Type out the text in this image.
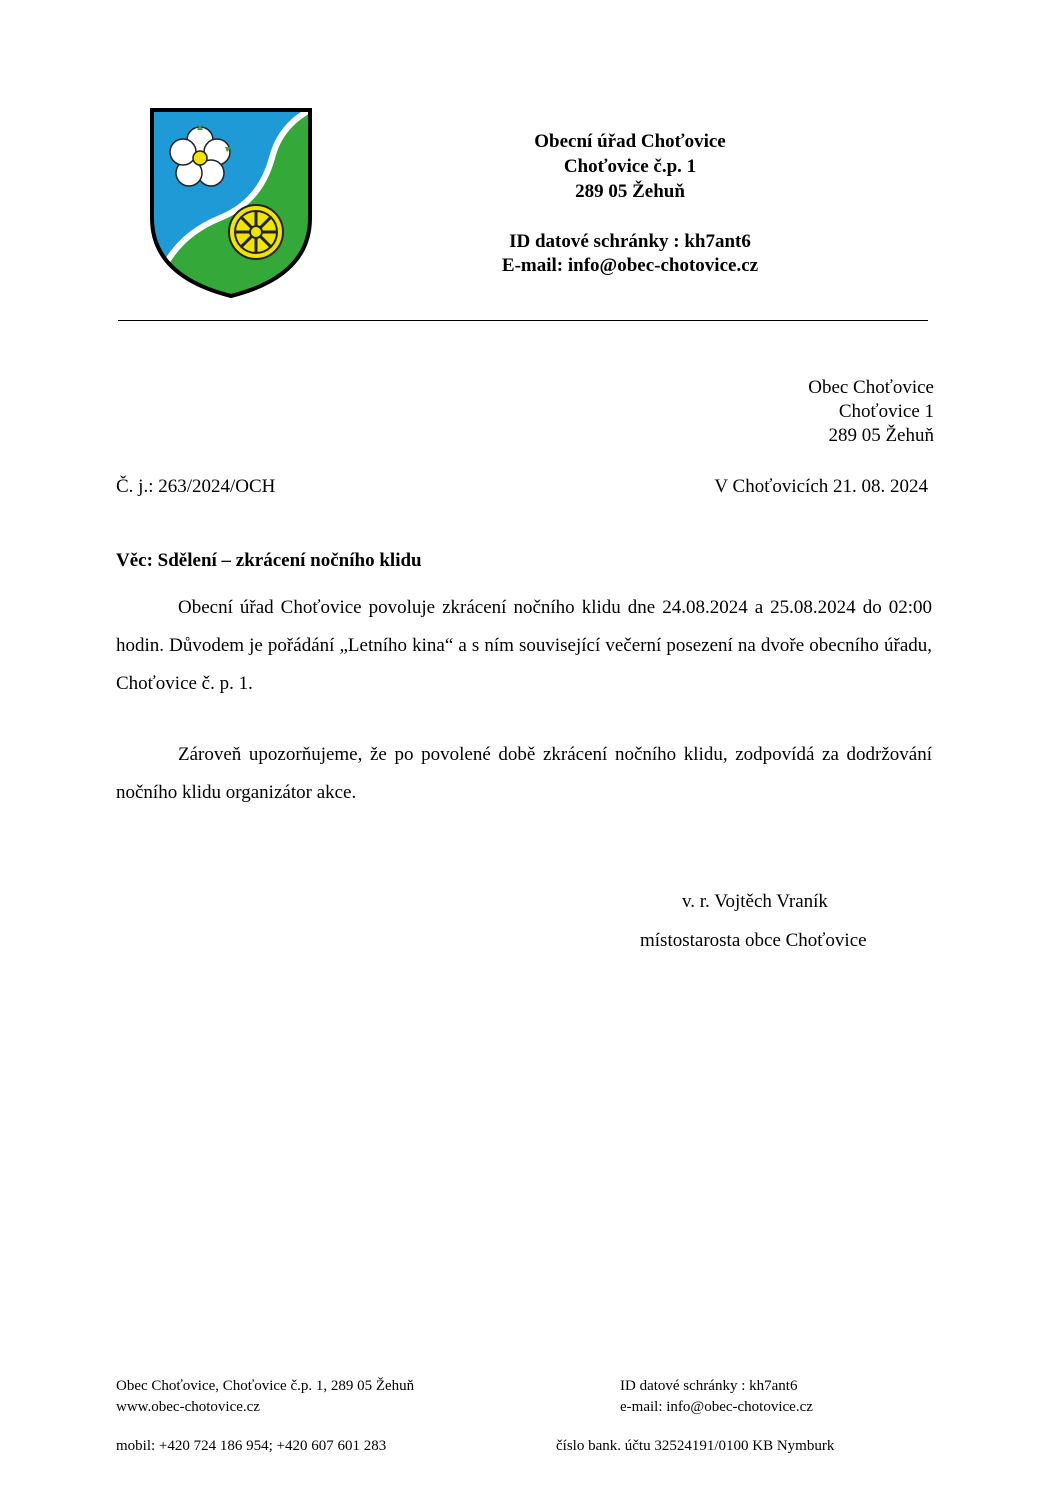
Obecní úřad Choťovice
Choťovice č.p. 1
289 05 Žehuň
ID datové schránky : kh7ant6
E-mail: info@obec-chotovice.cz
Obec Choťovice
Choťovice 1
289 05 Žehuň
Č. j.: 263/2024/OCH	V Choťovicích 21. 08. 2024
Věc: Sdělení – zkrácení nočního klidu

Obecní úřad Choťovice povoluje zkrácení nočního klidu dne 24.08.2024 a 25.08.2024 do 02:00 hodin. Důvodem je pořádání „Letního kina“ a s ním související večerní posezení na dvoře obecního úřadu, Choťovice č. p. 1.

Zároveň upozorňujeme, že po povolené době zkrácení nočního klidu, zodpovídá za dodržování nočního klidu organizátor akce.

v. r. Vojtěch Vraník
místostarosta obce Choťovice
Obec Choťovice, Choťovice č.p. 1, 289 05 Žehuň
www.obec-chotovice.cz
mobil: +420 724 186 954; +420 607 601 283
ID datové schránky : kh7ant6
e-mail: info@obec-chotovice.cz
číslo bank. účtu 32524191/0100 KB Nymburk
